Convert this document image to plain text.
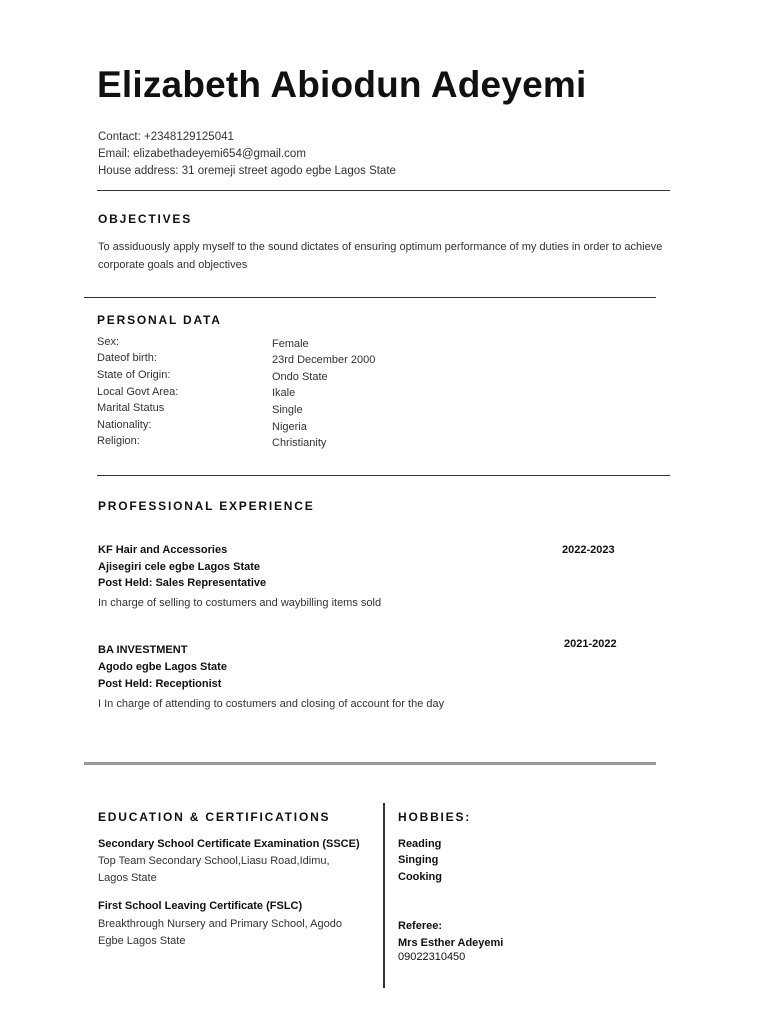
Elizabeth Abiodun Adeyemi
Contact: +2348129125041
Email: elizabethadeyemi654@gmail.com
House address: 31 oremeji street agodo egbe Lagos State
OBJECTIVES
To assiduously apply myself to the sound dictates of ensuring optimum performance of my duties in order to achieve corporate goals and objectives
PERSONAL DATA
Sex:	Female
Dateof birth:	23rd December 2000
State of Origin:	Ondo State
Local Govt Area:	Ikale
Marital Status	Single
Nationality:	Nigeria
Religion:	Christianity
PROFESSIONAL EXPERIENCE
KF Hair and Accessories
Ajisegiri cele egbe Lagos State
Post Held: Sales Representative
In charge of selling to costumers and waybilling items sold
2022-2023
BA INVESTMENT
Agodo egbe Lagos State
Post Held: Receptionist
I In charge of attending to costumers and closing of account for the day
2021-2022
EDUCATION & CERTIFICATIONS
Secondary School Certificate Examination (SSCE)
Top Team Secondary School,Liasu Road,Idimu,
Lagos State
First School Leaving Certificate (FSLC)
Breakthrough Nursery and Primary School, Agodo
Egbe Lagos State
HOBBIES:
Reading
Singing
Cooking
Referee:
Mrs Esther Adeyemi
09022310450
